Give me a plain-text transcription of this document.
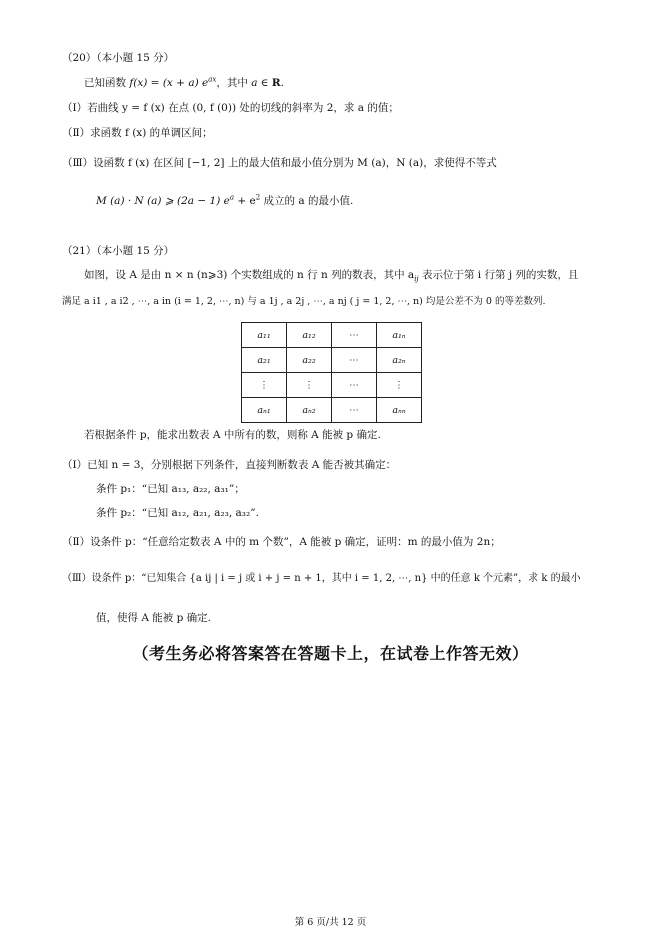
（20）（本小题 15 分）
已知函数 f(x) = (x + a) $e^{ax}$，其中 a ∈ R.
（Ⅰ）若曲线 y = f (x) 在点 (0, f (0)) 处的切线的斜率为 2，求 a 的值；
（Ⅱ）求函数 f (x) 的单调区间；
（Ⅲ）设函数 f (x) 在区间 [−1, 2] 上的最大值和最小值分别为 M (a)，N (a)，求使得不等式
M (a) · N (a) ⩾ (2a − 1) $e^a + e^2$ 成立的 a 的最小值.
（21）（本小题 15 分）
如图，设 A 是由 n × n (n⩾3) 个实数组成的 n 行 n 列的数表，其中 $a_{ij}$ 表示位于第 i 行第 j 列的实数，且
满足 a i1 , a i2 , ⋯, a in (i = 1, 2, ⋯, n) 与 a 1j , a 2j , ⋯, a nj ( j = 1, 2, ⋯, n) 均是公差不为 0 的等差数列.
a₁₁	a₁₂	⋯	a₁ₙ
a₂₁	a₂₂	⋯	a₂ₙ
⋮	⋮	⋯	⋮
aₙ₁	aₙ₂	⋯	aₙₙ
若根据条件 p，能求出数表 A 中所有的数，则称 A 能被 p 确定.
（Ⅰ）已知 n = 3，分别根据下列条件，直接判断数表 A 能否被其确定：
条件 p₁：“已知 a₁₃, a₂₂, a₃₁”；
条件 p₂：“已知 a₁₂, a₂₁, a₂₃, a₃₂”.
（Ⅱ）设条件 p：“任意给定数表 A 中的 m 个数”，A 能被 p 确定，证明：m 的最小值为 2n；
（Ⅲ）设条件 p：“已知集合 {a ij | i = j 或 i + j = n + 1，其中 i = 1, 2, ⋯, n} 中的任意 k 个元素”，求 k 的最小
值，使得 A 能被 p 确定.
（考生务必将答案答在答题卡上，在试卷上作答无效）
第 6 页/共 12 页
